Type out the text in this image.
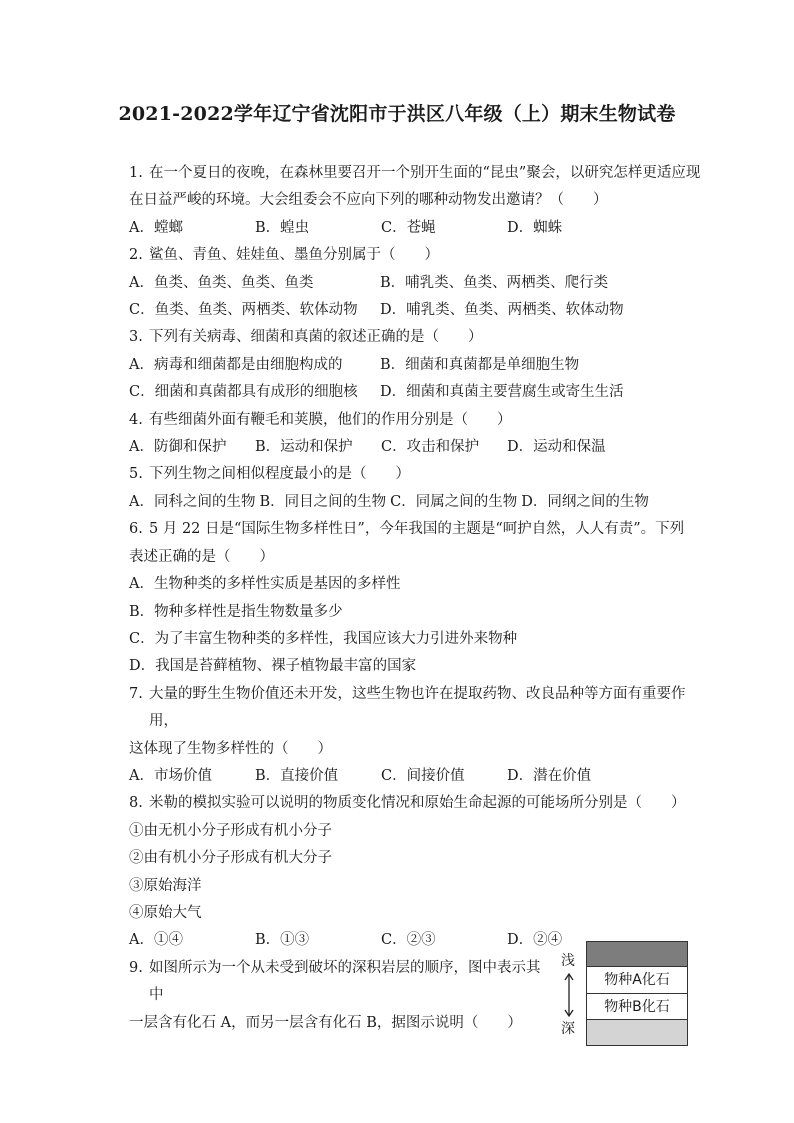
2021-2022学年辽宁省沈阳市于洪区八年级（上）期末生物试卷
1. 在一个夏日的夜晚，在森林里要召开一个别开生面的“昆虫”聚会，以研究怎样更适应现
在日益严峻的环境。大会组委会不应向下列的哪种动物发出邀请？（　　）
A．螳螂	B．蝗虫	C．苍蝇	D．蜘蛛
2. 鲨鱼、青鱼、娃娃鱼、墨鱼分别属于（　　）
A．鱼类、鱼类、鱼类、鱼类	B．哺乳类、鱼类、两栖类、爬行类
C．鱼类、鱼类、两栖类、软体动物	D．哺乳类、鱼类、两栖类、软体动物
3. 下列有关病毒、细菌和真菌的叙述正确的是（　　）
A．病毒和细菌都是由细胞构成的	B．细菌和真菌都是单细胞生物
C．细菌和真菌都具有成形的细胞核	D．细菌和真菌主要营腐生或寄生生活
4. 有些细菌外面有鞭毛和荚膜，他们的作用分别是（　　）
A．防御和保护	B．运动和保护	C．攻击和保护	D．运动和保温
5. 下列生物之间相似程度最小的是（　　）
A．同科之间的生物 B．同目之间的生物 C．同属之间的生物 D．同纲之间的生物
6. 5 月 22 日是“国际生物多样性日”，今年我国的主题是“呵护自然，人人有责”。下列
表述正确的是（　　）
A．生物种类的多样性实质是基因的多样性
B．物种多样性是指生物数量多少
C．为了丰富生物种类的多样性，我国应该大力引进外来物种
D．我国是苔藓植物、裸子植物最丰富的国家
7. 大量的野生生物价值还未开发，这些生物也许在提取药物、改良品种等方面有重要作用，
这体现了生物多样性的（　　）
A．市场价值	B．直接价值	C．间接价值	D．潜在价值
8. 米勒的模拟实验可以说明的物质变化情况和原始生命起源的可能场所分别是（　　）
①由无机小分子形成有机小分子
②由有机小分子形成有机大分子
③原始海洋
④原始大气
A．①④	B．①③	C．②③	D．②④
9. 如图所示为一个从未受到破坏的深积岩层的顺序，图中表示其中
一层含有化石 A，而另一层含有化石 B，据图示说明（　　）
浅
深
物种A化石
物种B化石
